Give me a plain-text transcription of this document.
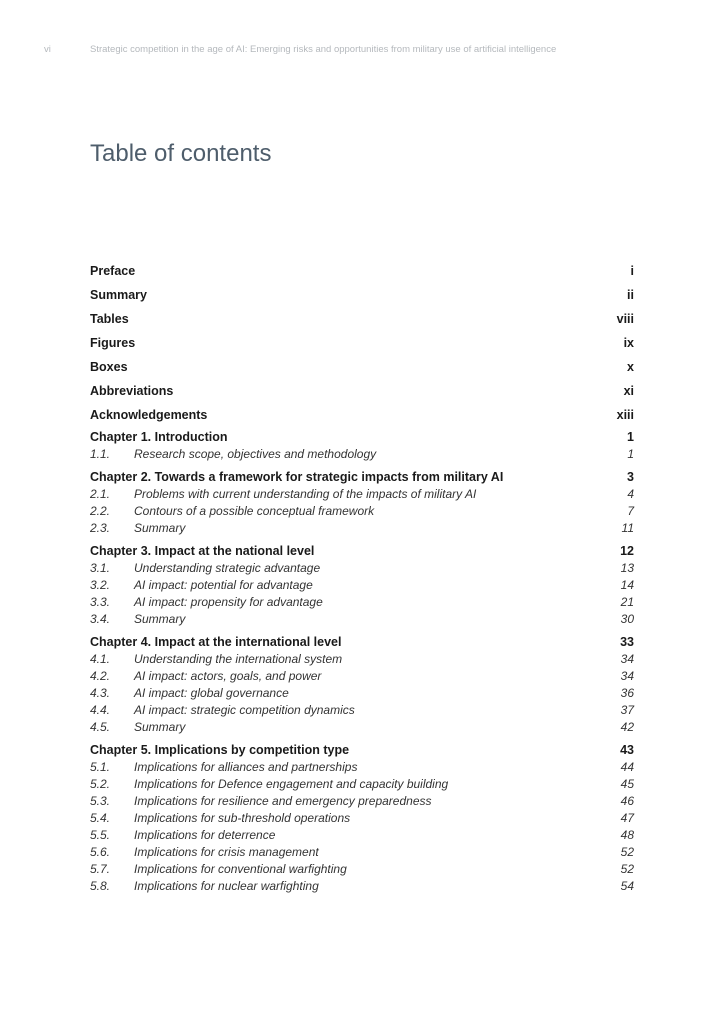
vi	Strategic competition in the age of AI: Emerging risks and opportunities from military use of artificial intelligence
Table of contents
Preface	i
Summary	ii
Tables	viii
Figures	ix
Boxes	x
Abbreviations	xi
Acknowledgements	xiii
Chapter 1. Introduction	1
1.1.	Research scope, objectives and methodology	1
Chapter 2. Towards a framework for strategic impacts from military AI	3
2.1.	Problems with current understanding of the impacts of military AI	4
2.2.	Contours of a possible conceptual framework	7
2.3.	Summary	11
Chapter 3. Impact at the national level	12
3.1.	Understanding strategic advantage	13
3.2.	AI impact: potential for advantage	14
3.3.	AI impact: propensity for advantage	21
3.4.	Summary	30
Chapter 4. Impact at the international level	33
4.1.	Understanding the international system	34
4.2.	AI impact: actors, goals, and power	34
4.3.	AI impact: global governance	36
4.4.	AI impact: strategic competition dynamics	37
4.5.	Summary	42
Chapter 5. Implications by competition type	43
5.1.	Implications for alliances and partnerships	44
5.2.	Implications for Defence engagement and capacity building	45
5.3.	Implications for resilience and emergency preparedness	46
5.4.	Implications for sub-threshold operations	47
5.5.	Implications for deterrence	48
5.6.	Implications for crisis management	52
5.7.	Implications for conventional warfighting	52
5.8.	Implications for nuclear warfighting	54
